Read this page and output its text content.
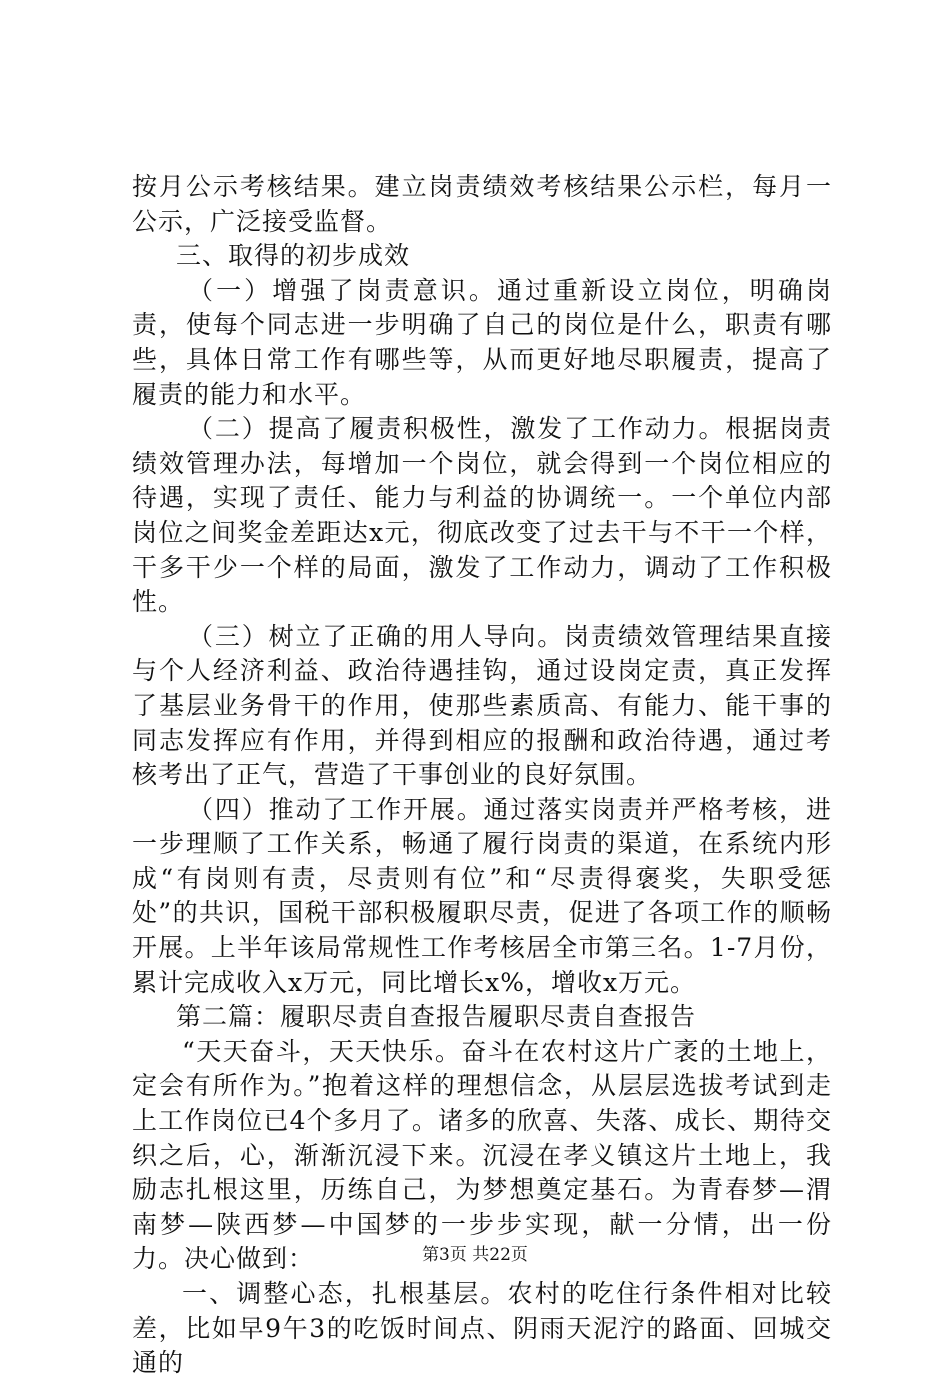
按月公示考核结果。建立岗责绩效考核结果公示栏，每月一公示，广泛接受监督。

三、取得的初步成效

（一）增强了岗责意识。通过重新设立岗位，明确岗责，使每个同志进一步明确了自己的岗位是什么，职责有哪些，具体日常工作有哪些等，从而更好地尽职履责，提高了履责的能力和水平。

（二）提高了履责积极性，激发了工作动力。根据岗责绩效管理办法，每增加一个岗位，就会得到一个岗位相应的待遇，实现了责任、能力与利益的协调统一。一个单位内部岗位之间奖金差距达x元，彻底改变了过去干与不干一个样，干多干少一个样的局面，激发了工作动力，调动了工作积极性。

（三）树立了正确的用人导向。岗责绩效管理结果直接与个人经济利益、政治待遇挂钩，通过设岗定责，真正发挥了基层业务骨干的作用，使那些素质高、有能力、能干事的同志发挥应有作用，并得到相应的报酬和政治待遇，通过考核考出了正气，营造了干事创业的良好氛围。

（四）推动了工作开展。通过落实岗责并严格考核，进一步理顺了工作关系，畅通了履行岗责的渠道，在系统内形成“有岗则有责，尽责则有位”和“尽责得褒奖，失职受惩处”的共识，国税干部积极履职尽责，促进了各项工作的顺畅开展。上半年该局常规性工作考核居全市第三名。1-7月份，累计完成收入x万元，同比增长x%，增收x万元。

第二篇：履职尽责自查报告履职尽责自查报告

“天天奋斗，天天快乐。奋斗在农村这片广袤的土地上，定会有所作为。”抱着这样的理想信念，从层层选拔考试到走上工作岗位已4个多月了。诸多的欣喜、失落、成长、期待交织之后，心，渐渐沉浸下来。沉浸在孝义镇这片土地上，我励志扎根这里，历练自己，为梦想奠定基石。为青春梦—渭南梦—陕西梦—中国梦的一步步实现，献一分情，出一份力。决心做到：

一、调整心态，扎根基层。农村的吃住行条件相对比较差，比如早9午3的吃饭时间点、阴雨天泥泞的路面、回城交通的

第3页 共22页
